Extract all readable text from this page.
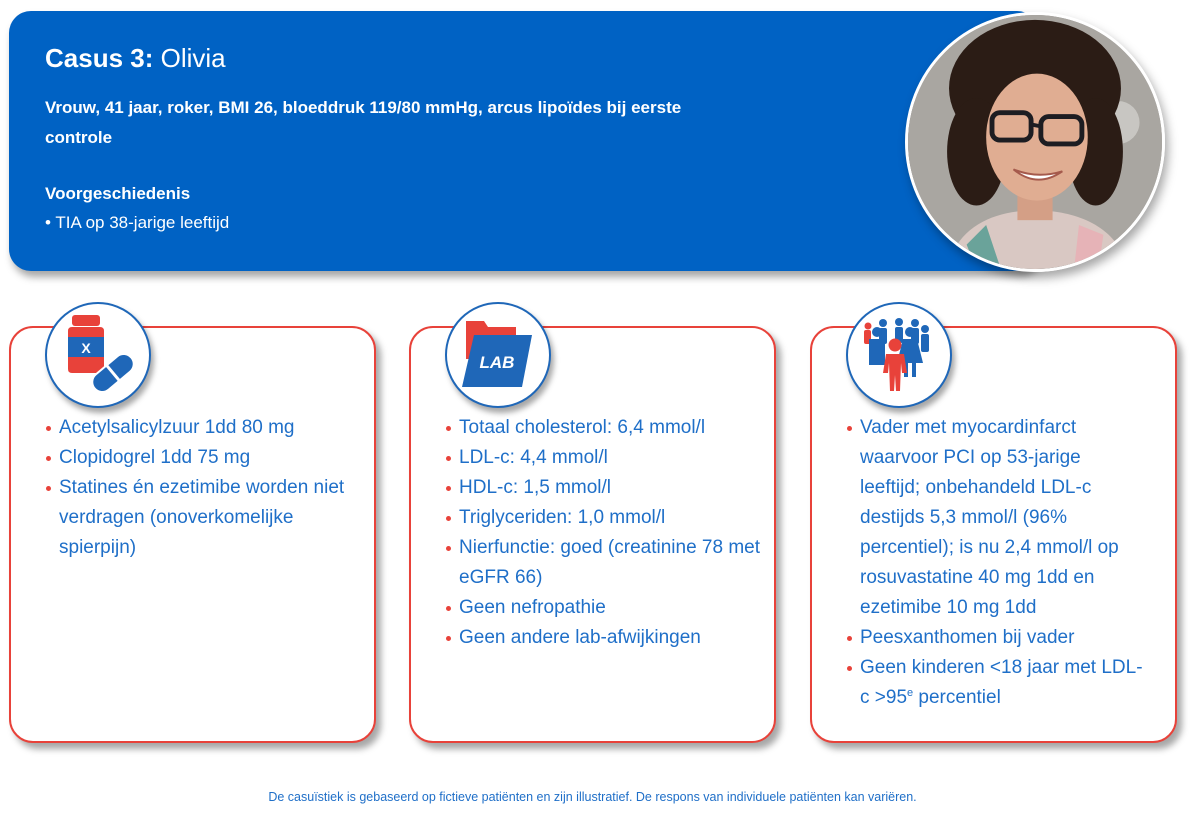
Casus 3: Olivia
Vrouw, 41 jaar, roker, BMI 26, bloeddruk 119/80 mmHg, arcus lipoïdes bij eerste controle
Voorgeschiedenis
• TIA op 38-jarige leeftijd
Acetylsalicylzuur 1dd 80 mg
Clopidogrel 1dd 75 mg
Statines én ezetimibe worden niet verdragen (onoverkomelijke spierpijn)
X
Totaal cholesterol: 6,4 mmol/l
LDL-c: 4,4 mmol/l
HDL-c: 1,5 mmol/l
Triglyceriden: 1,0 mmol/l
Nierfunctie: goed (creatinine 78 met eGFR 66)
Geen nefropathie
Geen andere lab-afwijkingen
LAB
Vader met myocardinfarct waarvoor PCI op 53-jarige leeftijd; onbehandeld LDL-c destijds 5,3 mmol/l (96% percentiel); is nu 2,4 mmol/l op rosuvastatine 40 mg 1dd en ezetimibe 10 mg 1dd
Peesxanthomen bij vader
Geen kinderen <18 jaar met $LDL-c >95^e$ percentiel
De casuïstiek is gebaseerd op fictieve patiënten en zijn illustratief. De respons van individuele patiënten kan variëren.
